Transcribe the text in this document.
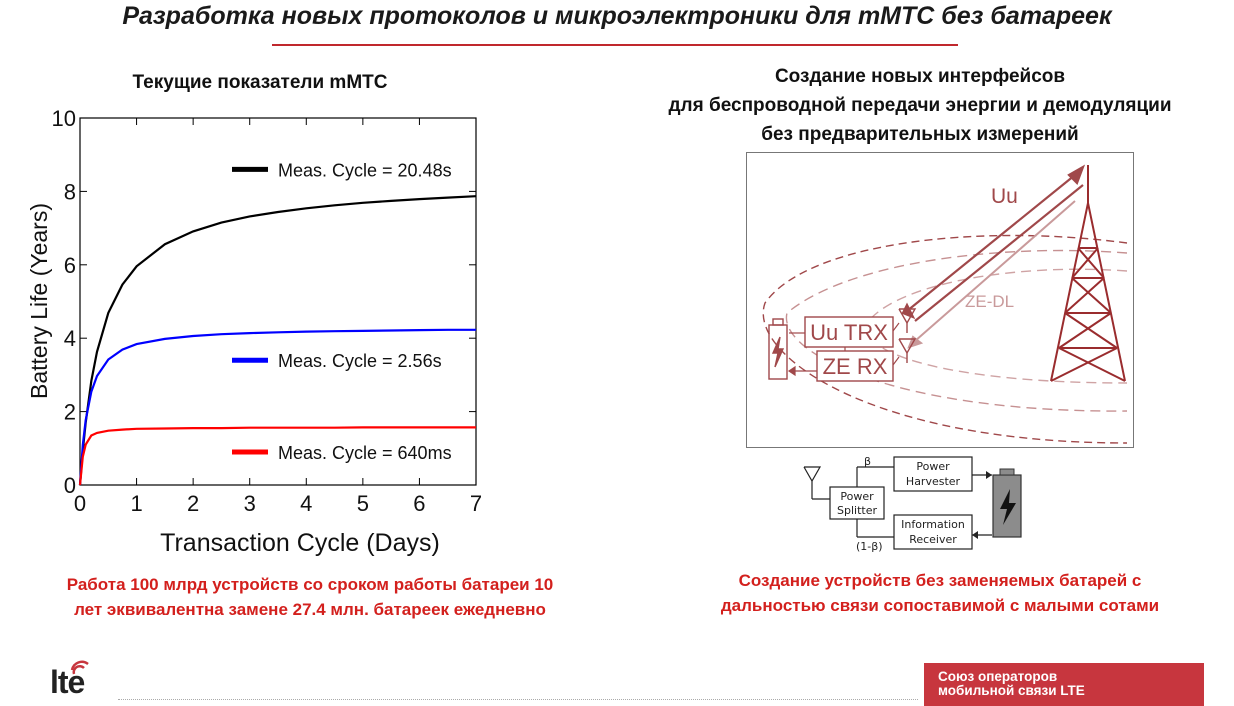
Разработка новых протоколов и микроэлектроники для mMTC без батареек
Текущие показатели mMTC	Создание новых интерфейсов
для беспроводной передачи энергии и демодуляции
без предварительных измерений
0 1 2 3 4 5 6 7
0
2
4
6
8
10
Meas. Cycle = 20.48s
Meas. Cycle = 2.56s
Meas. Cycle = 640ms
Transaction Cycle (Days)
Battery Life (Years)
Работа 100 млрд устройств со сроком работы батареи 10
лет эквивалентна замене 27.4 млн. батареек ежедневно
Uu
ZE-DL
Uu TRX
ZE RX
β
(1-β)
Power
Splitter
Power
Harvester
Information
Receiver
Создание устройств без заменяемых батарей с
дальностью связи сопоставимой с малыми сотами
lte	Союз операторов
мобильной связи LTE
